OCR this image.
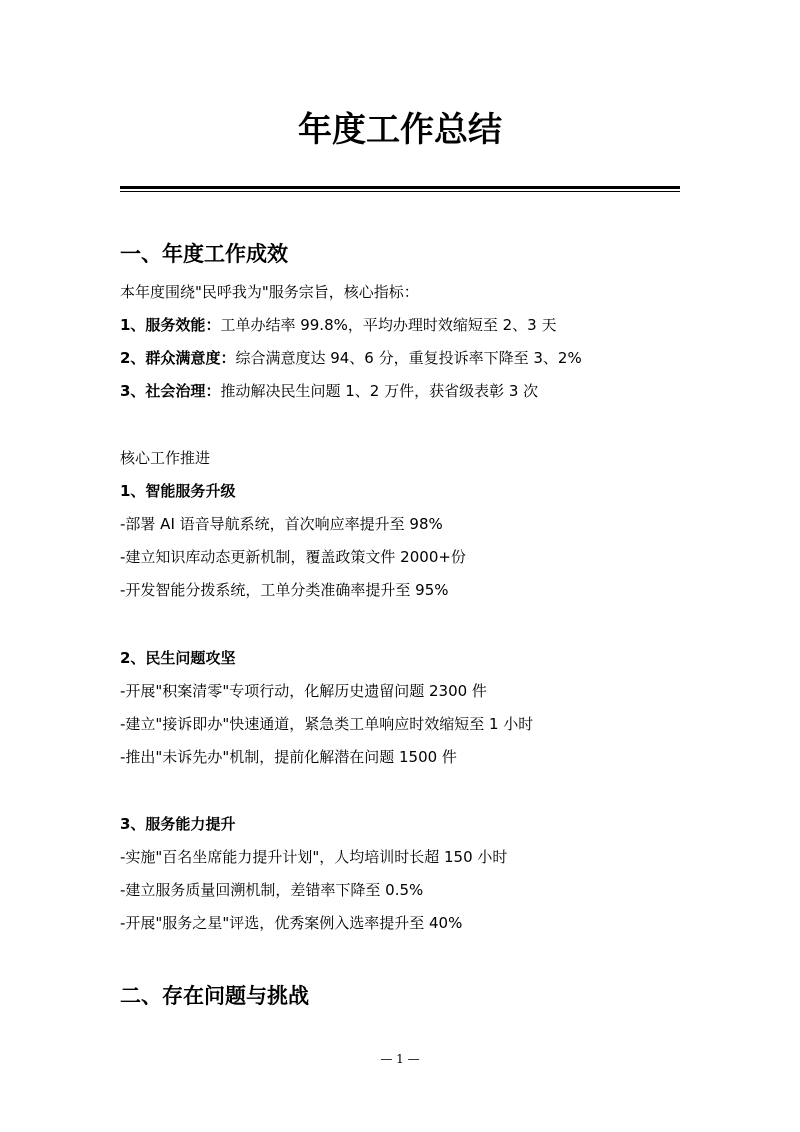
年度工作总结
一、年度工作成效

本年度围绕"民呼我为"服务宗旨，核心指标：

1、服务效能：工单办结率 99.8%，平均办理时效缩短至 2、3 天

2、群众满意度：综合满意度达 94、6 分，重复投诉率下降至 3、2%

3、社会治理：推动解决民生问题 1、2 万件，获省级表彰 3 次

核心工作推进

1、智能服务升级

-部署 AI 语音导航系统，首次响应率提升至 98%

-建立知识库动态更新机制，覆盖政策文件 2000+份

-开发智能分拨系统，工单分类准确率提升至 95%

2、民生问题攻坚

-开展"积案清零"专项行动，化解历史遗留问题 2300 件

-建立"接诉即办"快速通道，紧急类工单响应时效缩短至 1 小时

-推出"未诉先办"机制，提前化解潜在问题 1500 件

3、服务能力提升

-实施"百名坐席能力提升计划"，人均培训时长超 150 小时

-建立服务质量回溯机制，差错率下降至 0.5%

-开展"服务之星"评选，优秀案例入选率提升至 40%

二、存在问题与挑战
— 1 —
